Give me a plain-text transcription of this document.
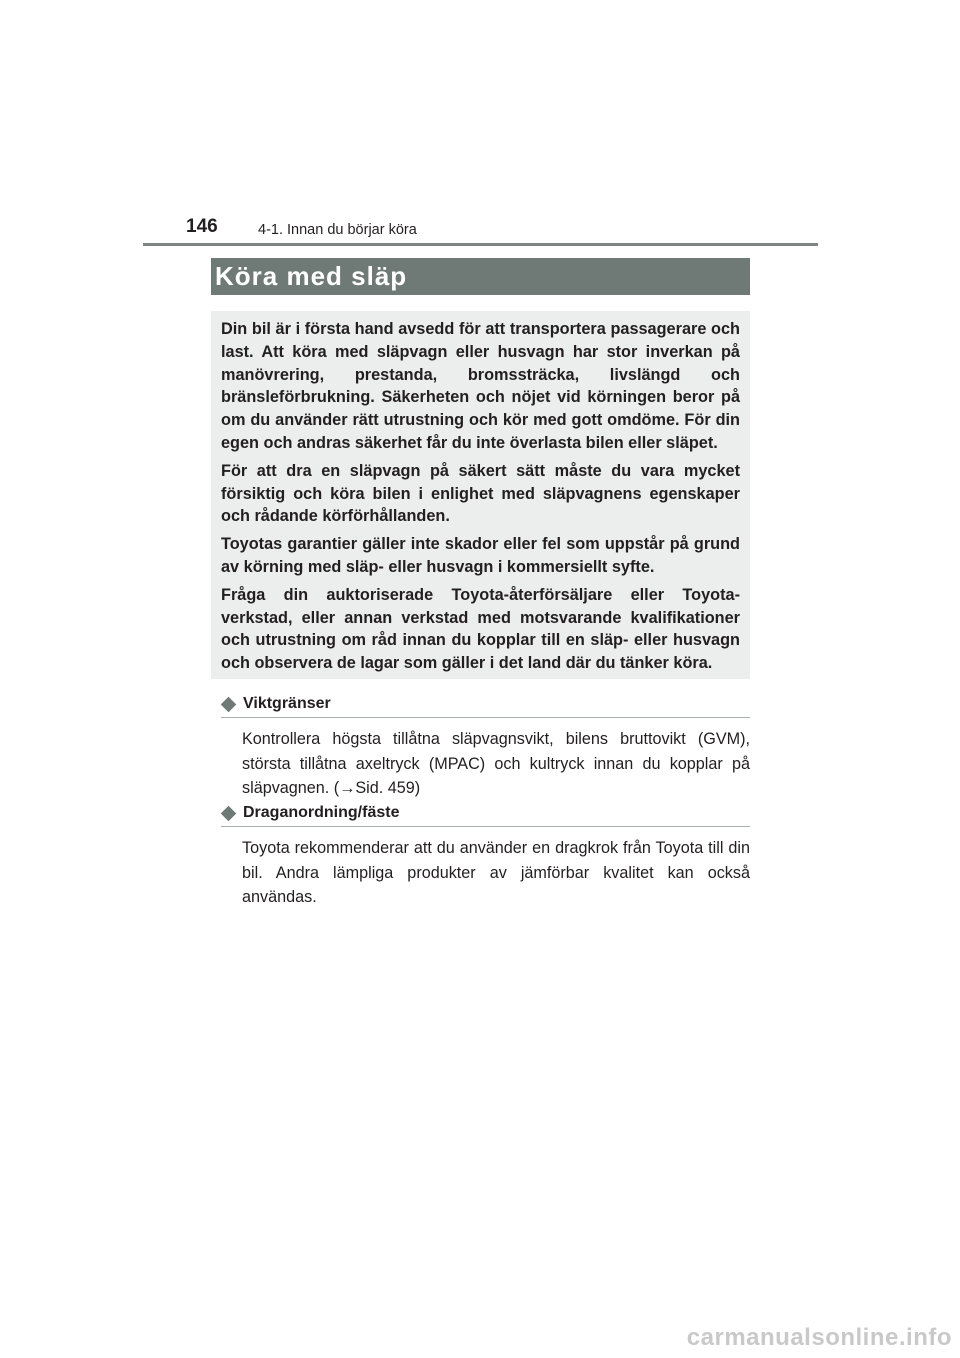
146	4-1. Innan du börjar köra
Köra med släp

Din bil är i första hand avsedd för att transportera passagerare och last. Att köra med släpvagn eller husvagn har stor inverkan på manövrering, prestanda, bromssträcka, livslängd och bränsleförbrukning. Säkerheten och nöjet vid körningen beror på om du använder rätt utrustning och kör med gott omdöme. För din egen och andras säkerhet får du inte överlasta bilen eller släpet.

För att dra en släpvagn på säkert sätt måste du vara mycket försiktig och köra bilen i enlighet med släpvagnens egenskaper och rådande körförhållanden.

Toyotas garantier gäller inte skador eller fel som uppstår på grund av körning med släp- eller husvagn i kommersiellt syfte.

Fråga din auktoriserade Toyota-återförsäljare eller Toyota-verkstad, eller annan verkstad med motsvarande kvalifikationer och utrustning om råd innan du kopplar till en släp- eller husvagn och observera de lagar som gäller i det land där du tänker köra.

Viktgränser
Kontrollera högsta tillåtna släpvagnsvikt, bilens bruttovikt (GVM), största tillåtna axeltryck (MPAC) och kultryck innan du kopplar på släpvagnen. (→Sid. 459)
Draganordning/fäste
Toyota rekommenderar att du använder en dragkrok från Toyota till din bil. Andra lämpliga produkter av jämförbar kvalitet kan också användas.
carmanualsonline.info
